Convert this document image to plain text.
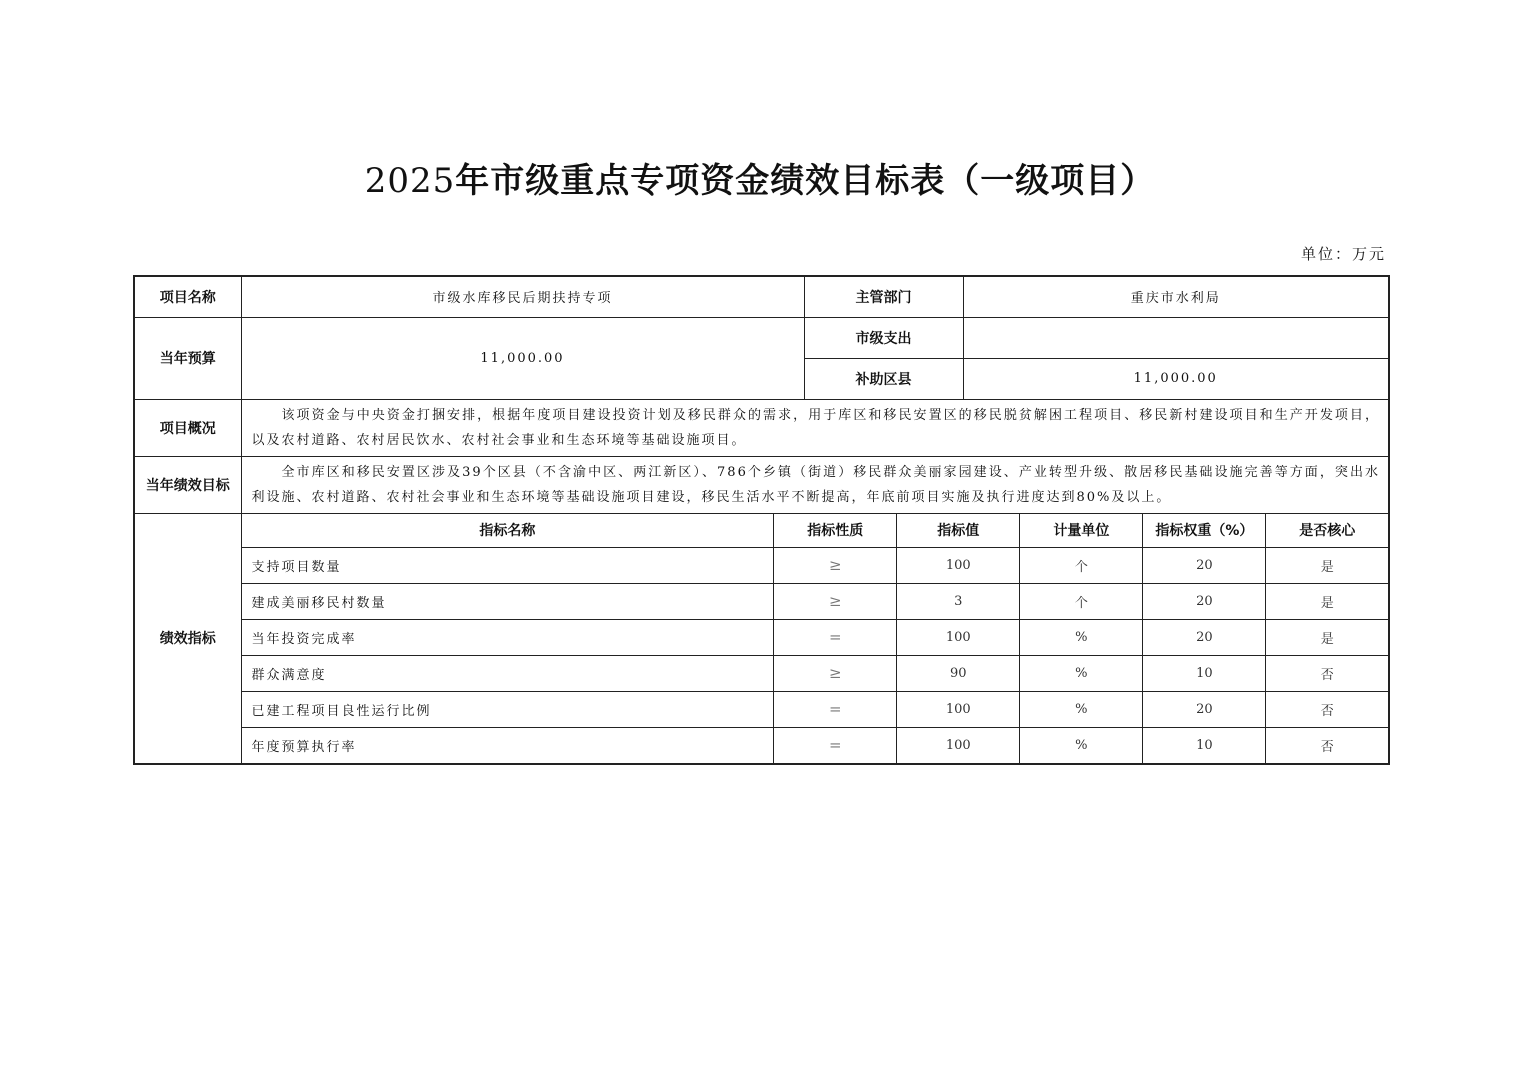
2025年市级重点专项资金绩效目标表（一级项目）
单位：万元
项目名称	市级水库移民后期扶持专项	主管部门	重庆市水利局
当年预算	11,000.00	市级支出	
补助区县	11,000.00
项目概况	该项资金与中央资金打捆安排，根据年度项目建设投资计划及移民群众的需求，用于库区和移民安置区的移民脱贫解困工程项目、移民新村建设项目和生产开发项目，以及农村道路、农村居民饮水、农村社会事业和生态环境等基础设施项目。
当年绩效目标	全市库区和移民安置区涉及39个区县（不含渝中区、两江新区）、786个乡镇（街道）移民群众美丽家园建设、产业转型升级、散居移民基础设施完善等方面，突出水利设施、农村道路、农村社会事业和生态环境等基础设施项目建设，移民生活水平不断提高，年底前项目实施及执行进度达到80%及以上。
绩效指标	
指标名称	指标性质	指标值	计量单位	指标权重（%）	是否核心
支持项目数量	≥	100	个	20	是
建成美丽移民村数量	≥	3	个	20	是
当年投资完成率	=	100	%	20	是
群众满意度	≥	90	%	10	否
已建工程项目良性运行比例	=	100	%	20	否
年度预算执行率	=	100	%	10	否
